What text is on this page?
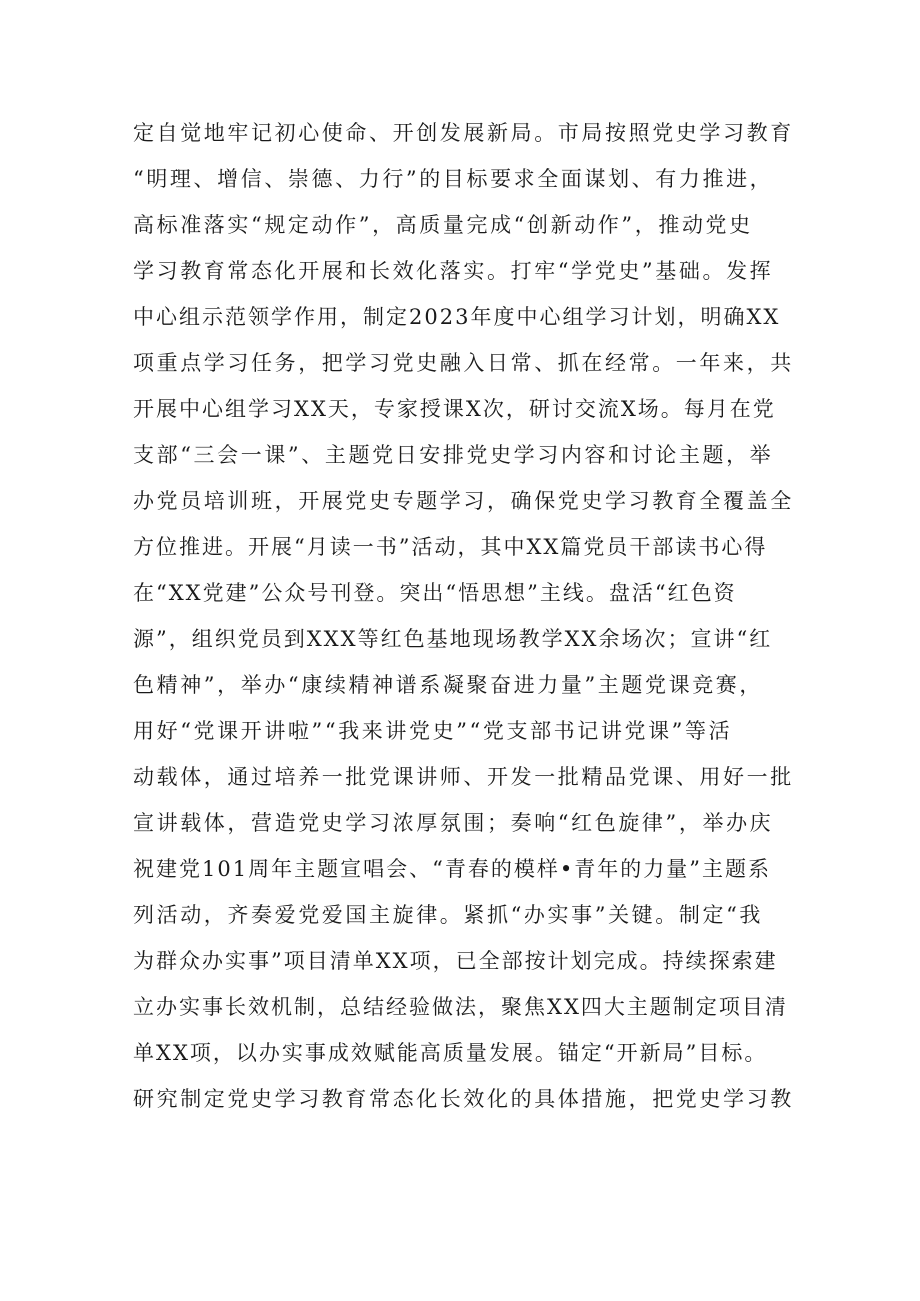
定自觉地牢记初心使命、开创发展新局。市局按照党史学习教育
“明理、增信、崇德、力行”的目标要求全面谋划、有力推进，
高标准落实“规定动作”，高质量完成“创新动作”，推动党史
学习教育常态化开展和长效化落实。打牢“学党史”基础。发挥
中心组示范领学作用，制定2023年度中心组学习计划，明确XX
项重点学习任务，把学习党史融入日常、抓在经常。一年来，共
开展中心组学习XX天，专家授课X次，研讨交流X场。每月在党
支部“三会一课”、主题党日安排党史学习内容和讨论主题，举
办党员培训班，开展党史专题学习，确保党史学习教育全覆盖全
方位推进。开展“月读一书”活动，其中XX篇党员干部读书心得
在“XX党建”公众号刊登。突出“悟思想”主线。盘活“红色资
源”，组织党员到XXX等红色基地现场教学XX余场次；宣讲“红
色精神”，举办“康续精神谱系凝聚奋进力量”主题党课竞赛，
用好“党课开讲啦”“我来讲党史”“党支部书记讲党课”等活
动载体，通过培养一批党课讲师、开发一批精品党课、用好一批
宣讲载体，营造党史学习浓厚氛围；奏响“红色旋律”，举办庆
祝建党101周年主题宣唱会、“青春的模样•青年的力量”主题系
列活动，齐奏爱党爱国主旋律。紧抓“办实事”关键。制定“我
为群众办实事”项目清单XX项，已全部按计划完成。持续探索建
立办实事长效机制，总结经验做法，聚焦XX四大主题制定项目清
单XX项，以办实事成效赋能高质量发展。锚定“开新局”目标。
研究制定党史学习教育常态化长效化的具体措施，把党史学习教
